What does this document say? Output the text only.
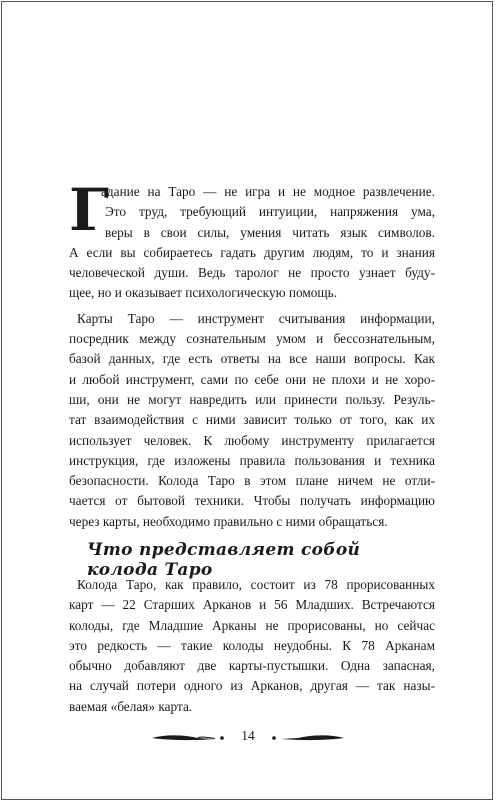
Г
адание на Таро — не игра и не модное развлечение.
Это труд, требующий интуиции, напряжения ума,
веры в свои силы, умения читать язык символов.
А если вы собираетесь гадать другим людям, то и знания
человеческой души. Ведь таролог не просто узнает буду-
щее, но и оказывает психологическую помощь.
Карты Таро — инструмент считывания информации,
посредник между сознательным умом и бессознательным,
базой данных, где есть ответы на все наши вопросы. Как
и любой инструмент, сами по себе они не плохи и не хоро-
ши, они не могут навредить или принести пользу. Резуль-
тат взаимодействия с ними зависит только от того, как их
использует человек. К любому инструменту прилагается
инструкция, где изложены правила пользования и техника
безопасности. Колода Таро в этом плане ничем не отли-
чается от бытовой техники. Чтобы получать информацию
через карты, необходимо правильно с ними обращаться.
Что представляет собой колода Таро
Колода Таро, как правило, состоит из 78 прорисованных
карт — 22 Старших Арканов и 56 Младших. Встречаются
колоды, где Младшие Арканы не прорисованы, но сейчас
это редкость — такие колоды неудобны. К 78 Арканам
обычно добавляют две карты-пустышки. Одна запасная,
на случай потери одного из Арканов, другая — так назы-
ваемая «белая» карта.
14
